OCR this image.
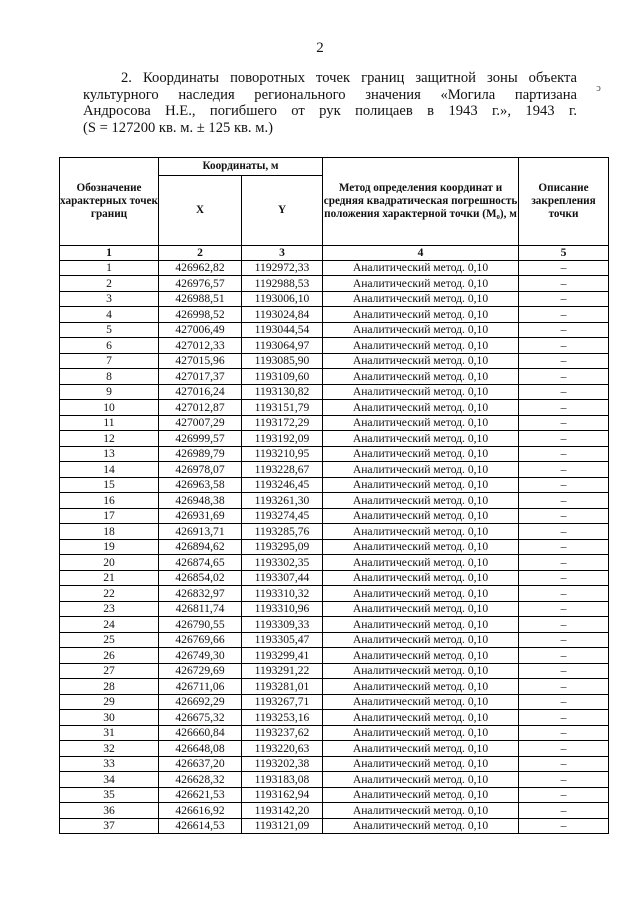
2
2. Координаты поворотных точек границ защитной зоны объекта
культурного наследия регионального значения «Могила партизана
Андросова Н.Е., погибшего от рук полицаев в 1943 г.», 1943 г.
(S = 127200 кв. м. ± 125 кв. м.)
ↄ
Обозначение характерных точек границ	Координаты, м		Метод определения координат и средняя квадратическая погрешность положения характерной точки (M₀), м	Описание закрепления точки
	X	Y		
1	2	3	4	5
1	426962,82	1192972,33	Аналитический метод. 0,10	–
2	426976,57	1192988,53	Аналитический метод. 0,10	–
3	426988,51	1193006,10	Аналитический метод. 0,10	–
4	426998,52	1193024,84	Аналитический метод. 0,10	–
5	427006,49	1193044,54	Аналитический метод. 0,10	–
6	427012,33	1193064,97	Аналитический метод. 0,10	–
7	427015,96	1193085,90	Аналитический метод. 0,10	–
8	427017,37	1193109,60	Аналитический метод. 0,10	–
9	427016,24	1193130,82	Аналитический метод. 0,10	–
10	427012,87	1193151,79	Аналитический метод. 0,10	–
11	427007,29	1193172,29	Аналитический метод. 0,10	–
12	426999,57	1193192,09	Аналитический метод. 0,10	–
13	426989,79	1193210,95	Аналитический метод. 0,10	–
14	426978,07	1193228,67	Аналитический метод. 0,10	–
15	426963,58	1193246,45	Аналитический метод. 0,10	–
16	426948,38	1193261,30	Аналитический метод. 0,10	–
17	426931,69	1193274,45	Аналитический метод. 0,10	–
18	426913,71	1193285,76	Аналитический метод. 0,10	–
19	426894,62	1193295,09	Аналитический метод. 0,10	–
20	426874,65	1193302,35	Аналитический метод. 0,10	–
21	426854,02	1193307,44	Аналитический метод. 0,10	–
22	426832,97	1193310,32	Аналитический метод. 0,10	–
23	426811,74	1193310,96	Аналитический метод. 0,10	–
24	426790,55	1193309,33	Аналитический метод. 0,10	–
25	426769,66	1193305,47	Аналитический метод. 0,10	–
26	426749,30	1193299,41	Аналитический метод. 0,10	–
27	426729,69	1193291,22	Аналитический метод. 0,10	–
28	426711,06	1193281,01	Аналитический метод. 0,10	–
29	426692,29	1193267,71	Аналитический метод. 0,10	–
30	426675,32	1193253,16	Аналитический метод. 0,10	–
31	426660,84	1193237,62	Аналитический метод. 0,10	–
32	426648,08	1193220,63	Аналитический метод. 0,10	–
33	426637,20	1193202,38	Аналитический метод. 0,10	–
34	426628,32	1193183,08	Аналитический метод. 0,10	–
35	426621,53	1193162,94	Аналитический метод. 0,10	–
36	426616,92	1193142,20	Аналитический метод. 0,10	–
37	426614,53	1193121,09	Аналитический метод. 0,10	–
